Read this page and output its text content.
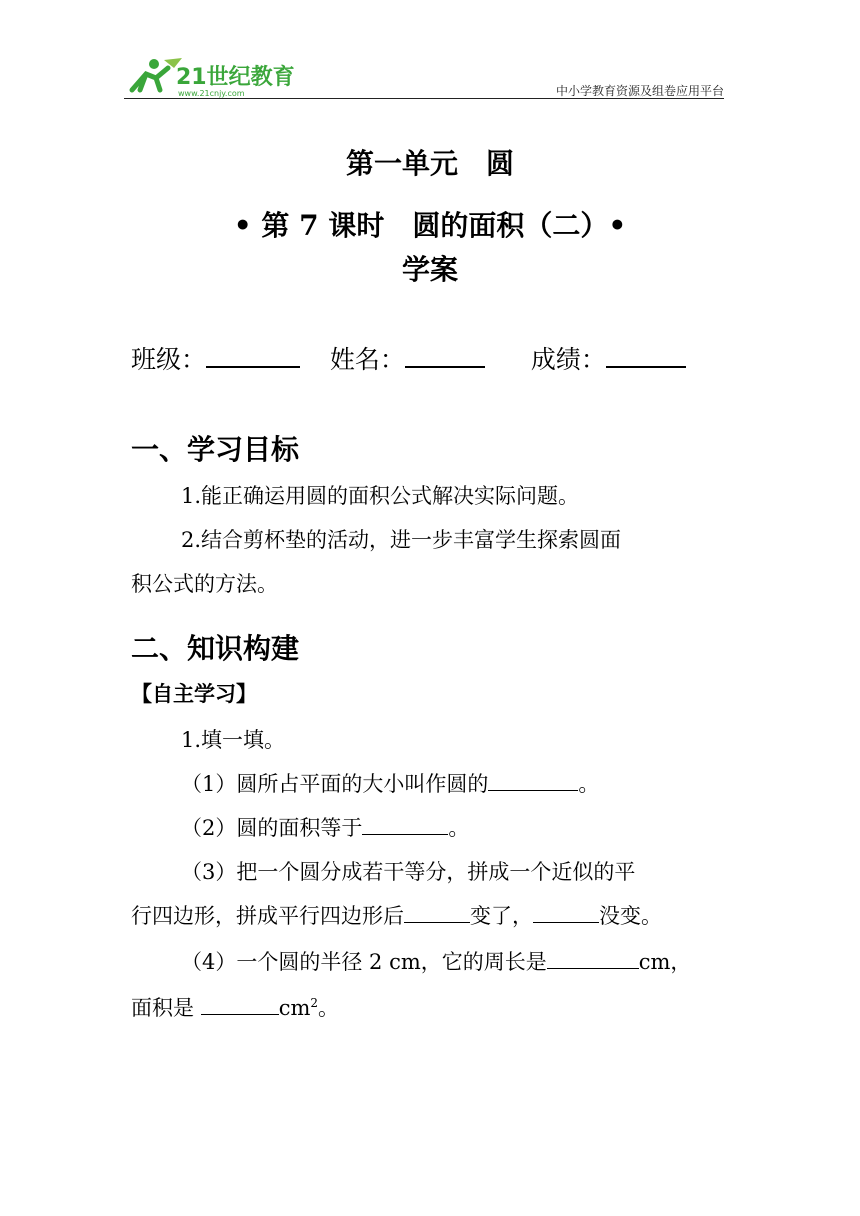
21世纪教育
www.21cnjy.com	中小学教育资源及组卷应用平台
第一单元　圆
• 第 7 课时　圆的面积（二）•
学案
班级：	姓名：	成绩：
一、学习目标
1.能正确运用圆的面积公式解决实际问题。
2.结合剪杯垫的活动，进一步丰富学生探索圆面
积公式的方法。
二、知识构建
【自主学习】
1.填一填。
（1）圆所占平面的大小叫作圆的	。
（2）圆的面积等于	。
（3）把一个圆分成若干等分，拼成一个近似的平
行四边形，拼成平行四边形后	变了，	没变。
（4）一个圆的半径 2 cm，它的周长是	cm，
面积是	$cm^2$。
